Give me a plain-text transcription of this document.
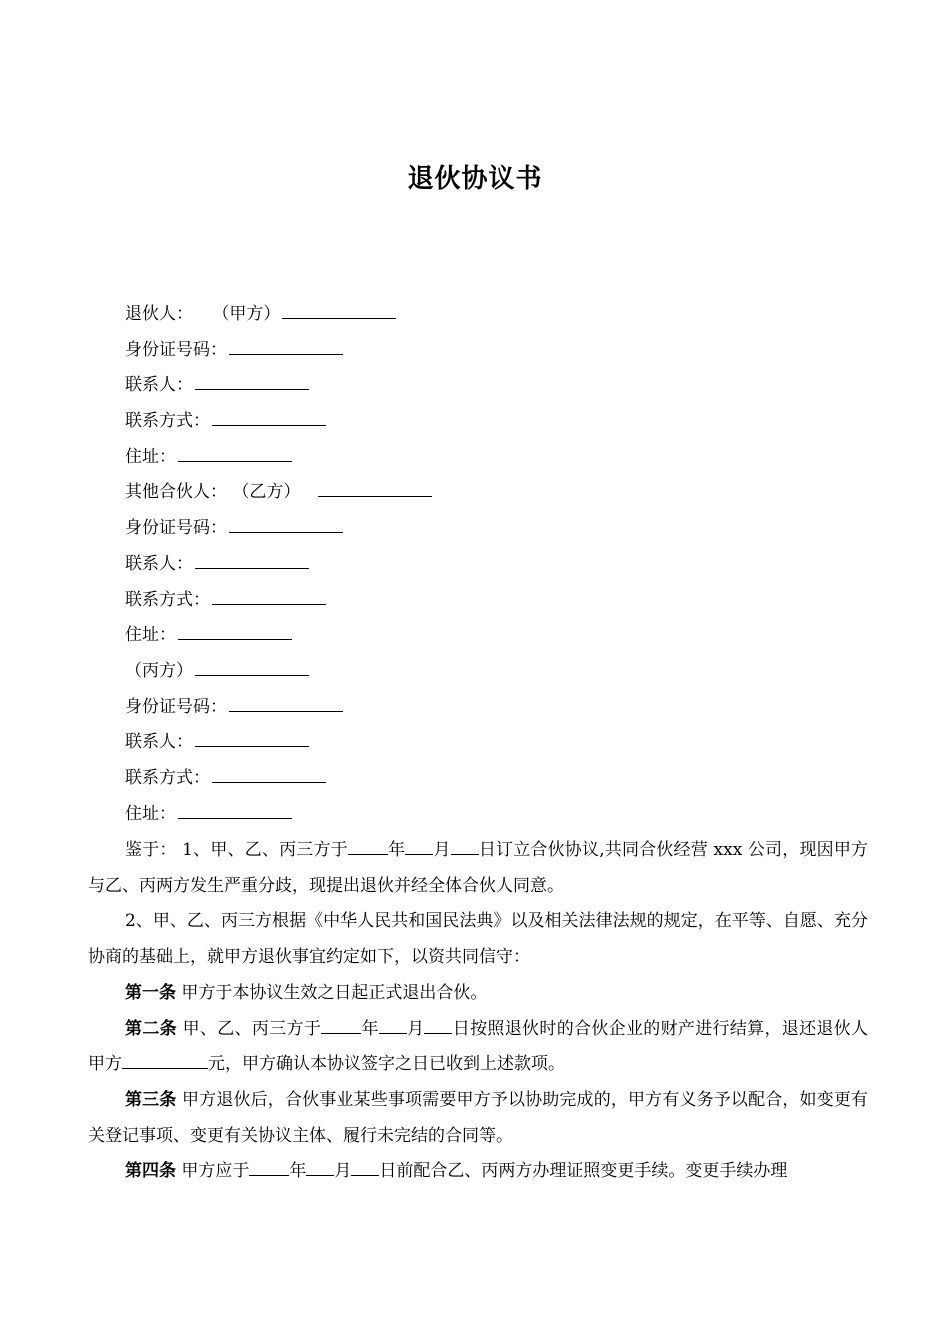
退伙协议书
退伙人： （甲方）
身份证号码：
联系人：
联系方式：
住址：
其他合伙人： （乙方）
身份证号码：
联系人：
联系方式：
住址：
（丙方）
身份证号码：
联系人：
联系方式：
住址：

鉴于： 1、甲、乙、丙三方于 年 月 日订立合伙协议,共同合伙经营 xxx 公司，现因甲方与乙、丙两方发生严重分歧，现提出退伙并经全体合伙人同意。

2、甲、乙、丙三方根据《中华人民共和国民法典》以及相关法律法规的规定，在平等、自愿、充分协商的基础上，就甲方退伙事宜约定如下，以资共同信守：

第一条 甲方于本协议生效之日起正式退出合伙。

第二条 甲、乙、丙三方于 年 月 日按照退伙时的合伙企业的财产进行结算，退还退伙人甲方	元，甲方确认本协议签字之日已收到上述款项。

第三条 甲方退伙后，合伙事业某些事项需要甲方予以协助完成的，甲方有义务予以配合，如变更有关登记事项、变更有关协议主体、履行未完结的合同等。

第四条 甲方应于 年 月 日前配合乙、丙两方办理证照变更手续。变更手续办理
